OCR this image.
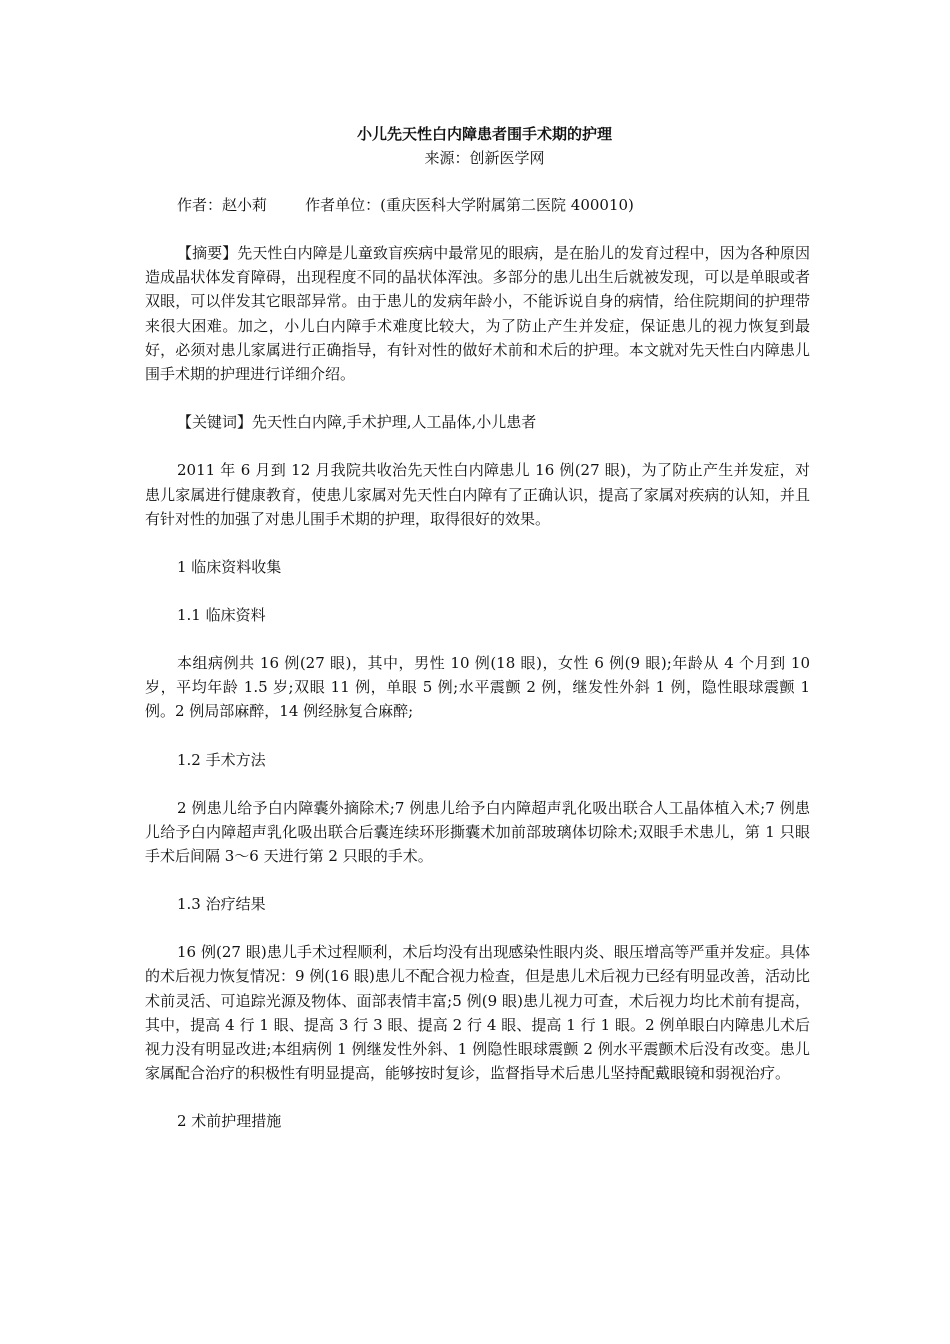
小儿先天性白内障患者围手术期的护理
来源：创新医学网
作者：赵小莉	作者单位：(重庆医科大学附属第二医院 400010)

【摘要】先天性白内障是儿童致盲疾病中最常见的眼病，是在胎儿的发育过程中，因为各种原因造成晶状体发育障碍，出现程度不同的晶状体浑浊。多部分的患儿出生后就被发现，可以是单眼或者双眼，可以伴发其它眼部异常。由于患儿的发病年龄小，不能诉说自身的病情，给住院期间的护理带来很大困难。加之，小儿白内障手术难度比较大，为了防止产生并发症，保证患儿的视力恢复到最好，必须对患儿家属进行正确指导，有针对性的做好术前和术后的护理。本文就对先天性白内障患儿围手术期的护理进行详细介绍。

【关键词】先天性白内障,手术护理,人工晶体,小儿患者

2011 年 6 月到 12 月我院共收治先天性白内障患儿 16 例(27 眼)，为了防止产生并发症，对患儿家属进行健康教育，使患儿家属对先天性白内障有了正确认识，提高了家属对疾病的认知，并且有针对性的加强了对患儿围手术期的护理，取得很好的效果。

1 临床资料收集
1.1 临床资料

本组病例共 16 例(27 眼)，其中，男性 10 例(18 眼)，女性 6 例(9 眼);年龄从 4 个月到 10 岁，平均年龄 1.5 岁;双眼 11 例，单眼 5 例;水平震颤 2 例，继发性外斜 1 例，隐性眼球震颤 1 例。2 例局部麻醉，14 例经脉复合麻醉;

1.2 手术方法

2 例患儿给予白内障囊外摘除术;7 例患儿给予白内障超声乳化吸出联合人工晶体植入术;7 例患儿给予白内障超声乳化吸出联合后囊连续环形撕囊术加前部玻璃体切除术;双眼手术患儿，第 1 只眼手术后间隔 3～6 天进行第 2 只眼的手术。

1.3 治疗结果

16 例(27 眼)患儿手术过程顺利，术后均没有出现感染性眼内炎、眼压增高等严重并发症。具体的术后视力恢复情况：9 例(16 眼)患儿不配合视力检查，但是患儿术后视力已经有明显改善，活动比术前灵活、可追踪光源及物体、面部表情丰富;5 例(9 眼)患儿视力可查，术后视力均比术前有提高，其中，提高 4 行 1 眼、提高 3 行 3 眼、提高 2 行 4 眼、提高 1 行 1 眼。2 例单眼白内障患儿术后视力没有明显改进;本组病例 1 例继发性外斜、1 例隐性眼球震颤 2 例水平震颤术后没有改变。患儿家属配合治疗的积极性有明显提高，能够按时复诊，监督指导术后患儿坚持配戴眼镜和弱视治疗。

2 术前护理措施
